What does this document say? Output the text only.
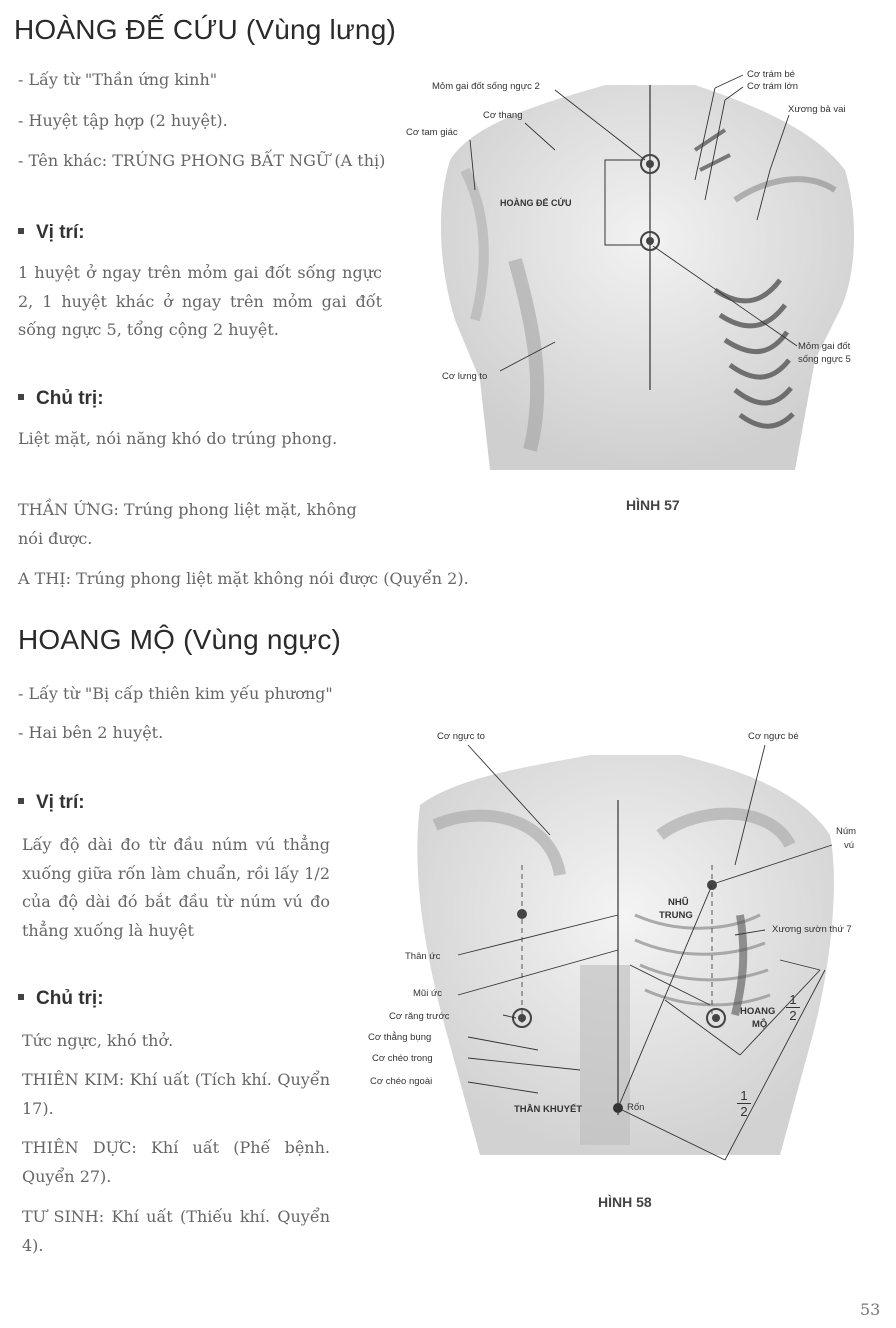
HOÀNG ĐẾ CỨU (Vùng lưng)
- Lấy từ "Thần ứng kinh"
- Huyệt tập hợp (2 huyệt).
- Tên khác: TRÚNG PHONG BẤT NGỮ (A thị)
Vị trí:
1 huyệt ở ngay trên mỏm gai đốt sống ngực 2, 1 huyệt khác ở ngay trên mỏm gai đốt sống ngực 5, tổng cộng 2 huyệt.
Chủ trị:
Liệt mặt, nói năng khó do trúng phong.
THẦN ỨNG: Trúng phong liệt mặt, không nói được.
A THỊ: Trúng phong liệt mặt không nói được (Quyển 2).
Mỏm gai đốt sống ngực 2
Cơ trám bé
Cơ trám lớn
Cơ thang
Xương bả vai
Cơ tam giác
HOÀNG ĐẾ CỨU
Mỏm gai đốt
sống ngực 5
Cơ lưng to
HÌNH 57
HOANG MỘ (Vùng ngực)
- Lấy từ "Bị cấp thiên kim yếu phương"
- Hai bên 2 huyệt.
Vị trí:
Lấy độ dài đo từ đầu núm vú thẳng xuống giữa rốn làm chuẩn, rồi lấy 1/2 của độ dài đó bắt đầu từ núm vú đo thẳng xuống là huyệt
Chủ trị:
Tức ngực, khó thở.
THIÊN KIM: Khí uất (Tích khí. Quyển 17).
THIÊN DỰC: Khí uất (Phế bệnh. Quyển 27).
TƯ SINH: Khí uất (Thiếu khí. Quyển 4).
Cơ ngực to	Cơ ngực bé
Núm
vú
NHŨ
TRUNG
Xương sườn thứ 7
Thân ức
Mũi ức
Cơ răng trước
Cơ thẳng bụng
Cơ chéo trong
Cơ chéo ngoài
HOANG
MỘ
1
2
1
2
THẦN KHUYẾT	Rốn
HÌNH 58
53
